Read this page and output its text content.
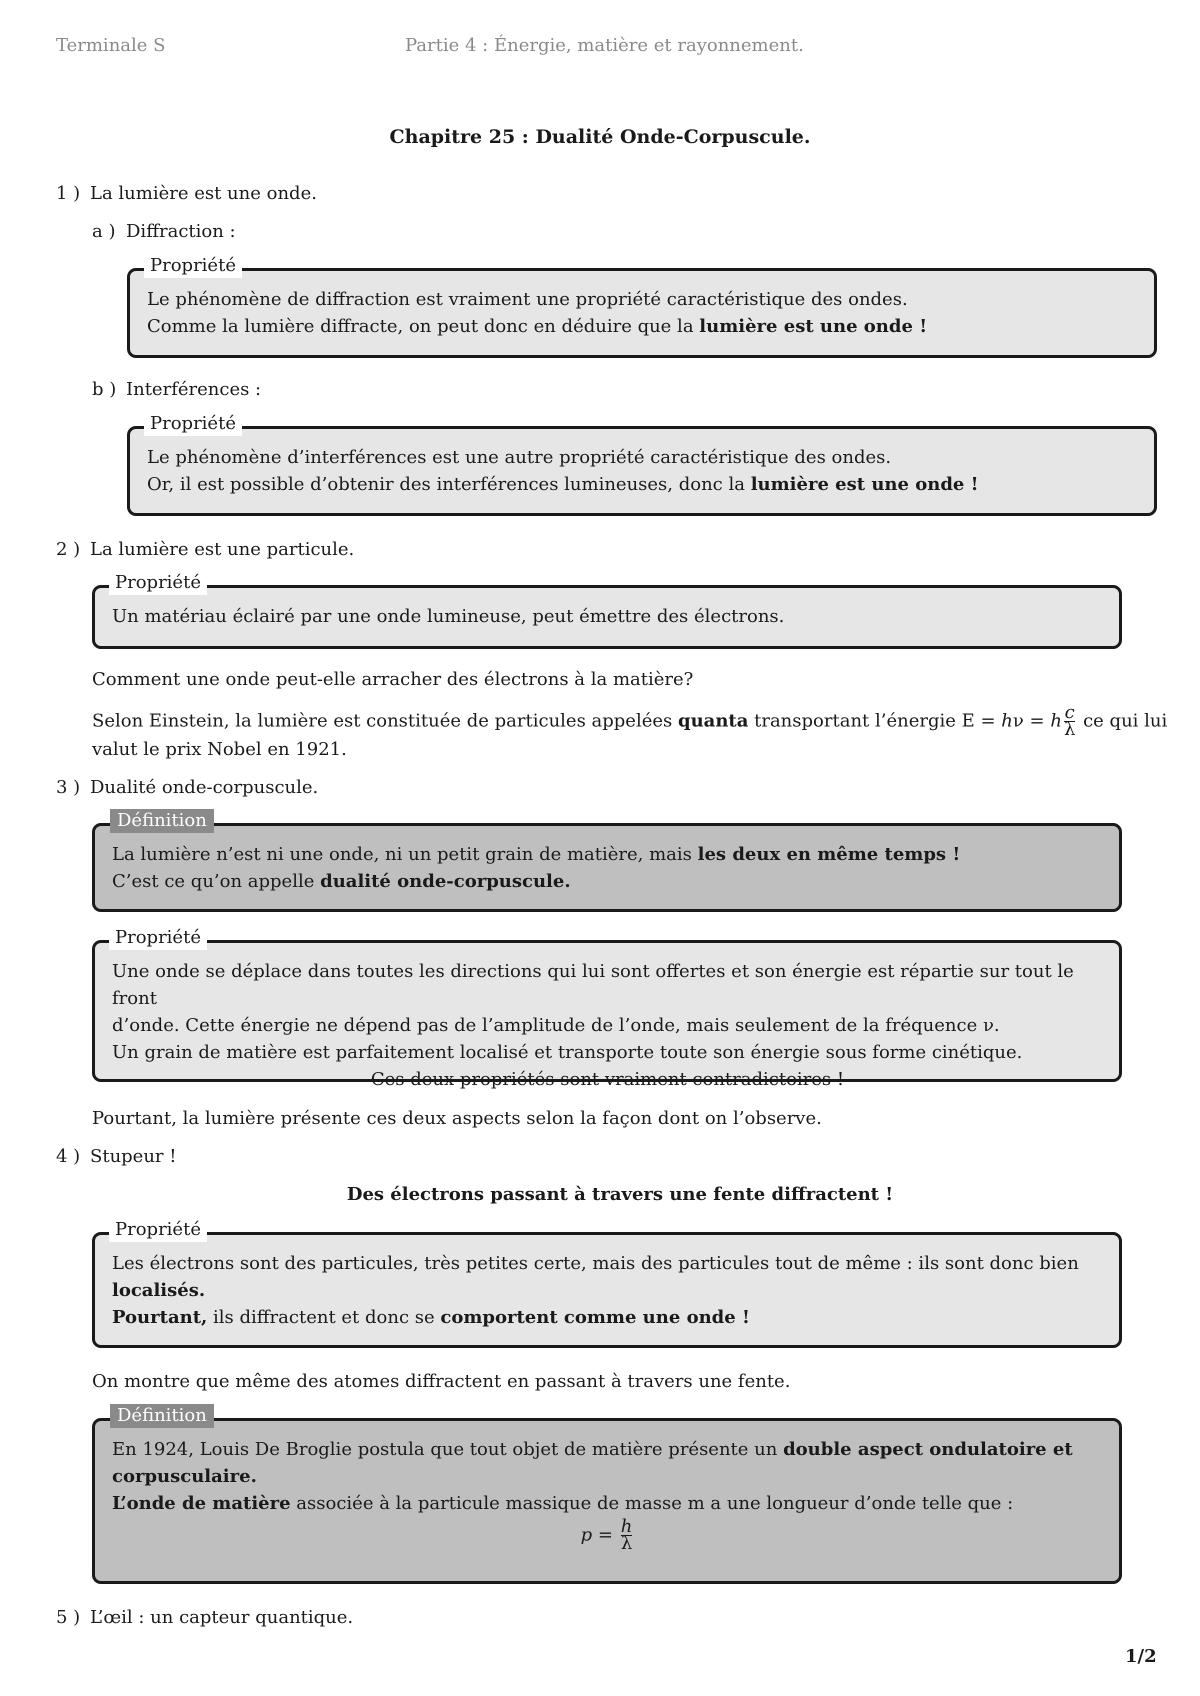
Terminale S	Partie 4 : Énergie, matière et rayonnement.
Chapitre 25 : Dualité Onde-Corpuscule.
1 ) La lumière est une onde.
a ) Diffraction :
Propriété

Le phénomène de diffraction est vraiment une propriété caractéristique des ondes.

Comme la lumière diffracte, on peut donc en déduire que la lumière est une onde !

b ) Interférences :
Propriété

Le phénomène d’interférences est une autre propriété caractéristique des ondes.

Or, il est possible d’obtenir des interférences lumineuses, donc la lumière est une onde !

2 ) La lumière est une particule.
Propriété

Un matériau éclairé par une onde lumineuse, peut émettre des électrons.

Comment une onde peut-elle arracher des électrons à la matière?
Selon Einstein, la lumière est constituée de particules appelées quanta transportant l’énergie E = hν = h $\frac{c}{\lambda}$ ce qui lui
valut le prix Nobel en 1921.
3 ) Dualité onde-corpuscule.
Définition

La lumière n’est ni une onde, ni un petit grain de matière, mais les deux en même temps !

C’est ce qu’on appelle dualité onde-corpuscule.

Propriété

Une onde se déplace dans toutes les directions qui lui sont offertes et son énergie est répartie sur tout le front

d’onde. Cette énergie ne dépend pas de l’amplitude de l’onde, mais seulement de la fréquence ν.

Un grain de matière est parfaitement localisé et transporte toute son énergie sous forme cinétique.

Ces deux propriétés sont vraiment contradictoires !

Pourtant, la lumière présente ces deux aspects selon la façon dont on l’observe.
4 ) Stupeur !
Des électrons passant à travers une fente diffractent !
Propriété

Les électrons sont des particules, très petites certe, mais des particules tout de même : ils sont donc bien

localisés.

Pourtant, ils diffractent et donc se comportent comme une onde !

On montre que même des atomes diffractent en passant à travers une fente.
Définition

En 1924, Louis De Broglie postula que tout objet de matière présente un double aspect ondulatoire et

corpusculaire.

L’onde de matière associée à la particule massique de masse m a une longueur d’onde telle que :

$p = \frac{h}{\lambda}$

5 ) L’œil : un capteur quantique.
1/2
